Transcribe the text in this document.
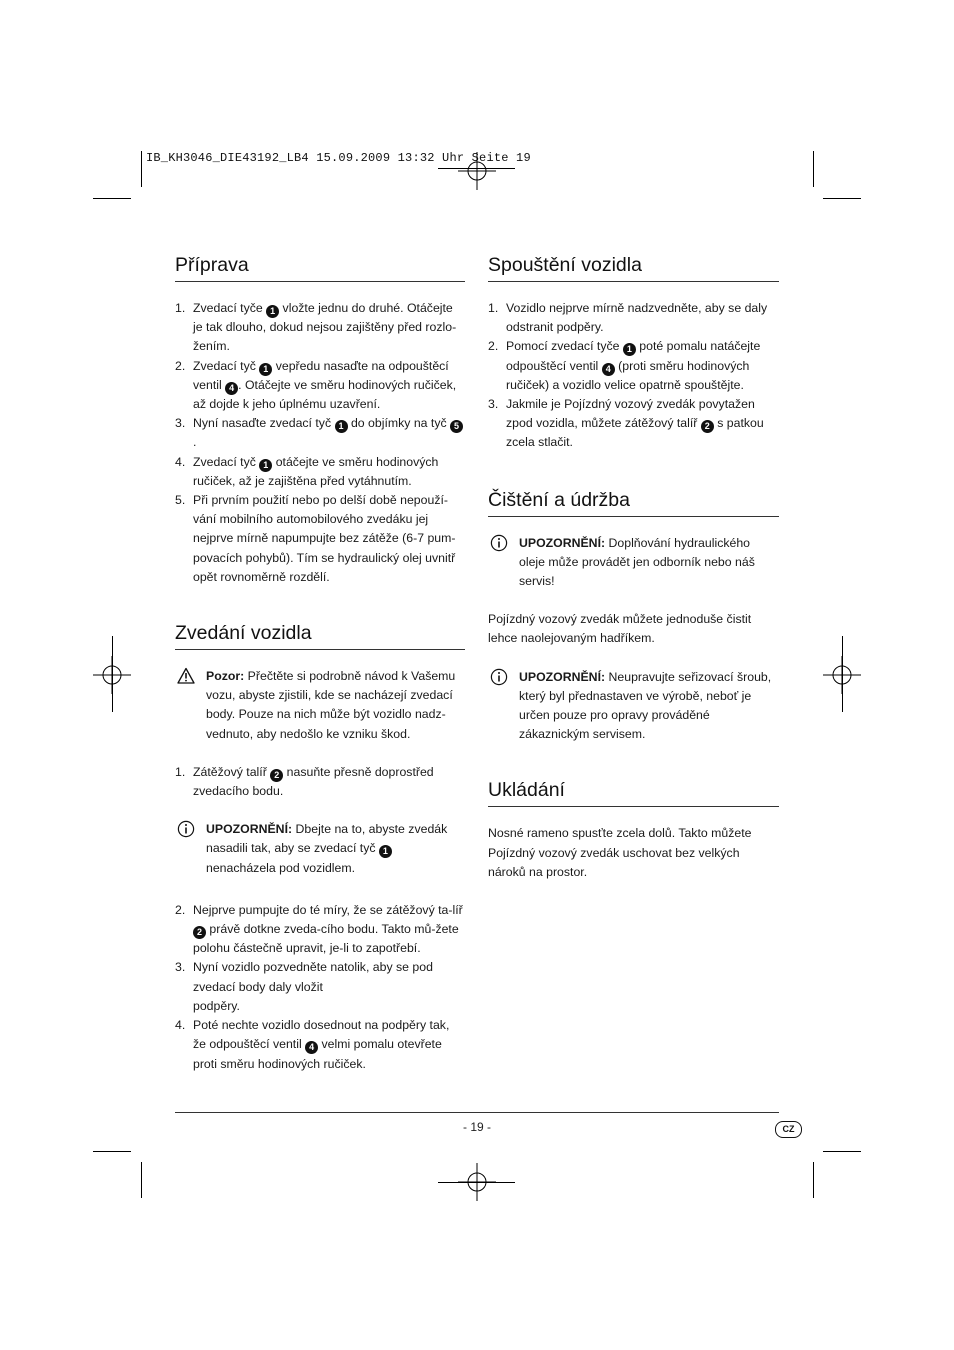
IB_KH3046_DIE43192_LB4 15.09.2009 13:32 Uhr Seite 19
Příprava
1. Zvedací tyče 1 vložte jednu do druhé. Otáčejte je tak dlouho, dokud nejsou zajištěny před rozlo-žením.
2. Zvedací tyč 1 vepředu nasaďte na odpouštěcí ventil 4 . Otáčejte ve směru hodinových ručiček, až dojde k jeho úplnému uzavření.
3. Nyní nasaďte zvedací tyč 1 do objímky na tyč 5.
4. Zvedací tyč 1 otáčejte ve směru hodinových ručiček, až je zajištěna před vytáhnutím.
5. Při prvním použití nebo po delší době nepouží-vání mobilního automobilového zvedáku jej nejprve mírně napumpujte bez zátěže (6-7 pum-povacích pohybů). Tím se hydraulický olej uvnitř opět rovnoměrně rozdělí.
Zvedání vozidla

Pozor: Přečtěte si podrobně návod k Vašemu vozu, abyste zjistili, kde se nacházejí zvedací body. Pouze na nich může být vozidlo nadz-vednuto, aby nedošlo ke vzniku škod.

1. Zátěžový talíř 2 nasuňte přesně doprostřed zvedacího bodu.

UPOZORNĚNÍ: Dbejte na to, abyste zvedák nasadili tak, aby se zvedací tyč 1 nenacházela pod vozidlem.

2. Nejprve pumpujte do té míry, že se zátěžový ta-líř 2 právě dotkne zveda-cího bodu. Takto mů-žete polohu částečně upravit, je-li to zapotřebí.
3. Nyní vozidlo pozvedněte natolik, aby se pod zvedací body daly vložit
podpěry.
4. Poté nechte vozidlo dosednout na podpěry tak, že odpouštěcí ventil 4 velmi pomalu otevřete proti směru hodinových ručiček.
Spouštění vozidla
1. Vozidlo nejprve mírně nadzvedněte, aby se daly odstranit podpěry.
2. Pomocí zvedací tyče 1 poté pomalu natáčejte odpouštěcí ventil 4 (proti směru hodinových ručiček) a vozidlo velice opatrně spouštějte.
3. Jakmile je Pojízdný vozový zvedák povytažen zpod vozidla, můžete zátěžový talíř 2 s patkou zcela stlačit.
Čištění a údržba

UPOZORNĚNÍ: Doplňování hydraulického oleje může provádět jen odborník nebo náš servis!

Pojízdný vozový zvedák můžete jednoduše čistit lehce naolejovaným hadříkem.

UPOZORNĚNÍ: Neupravujte seřizovací šroub, který byl přednastaven ve výrobě, neboť je určen pouze pro opravy prováděné zákaznickým servisem.

Ukládání

Nosné rameno spusťte zcela dolů. Takto můžete Pojízdný vozový zvedák uschovat bez velkých nároků na prostor.

- 19 -	CZ
